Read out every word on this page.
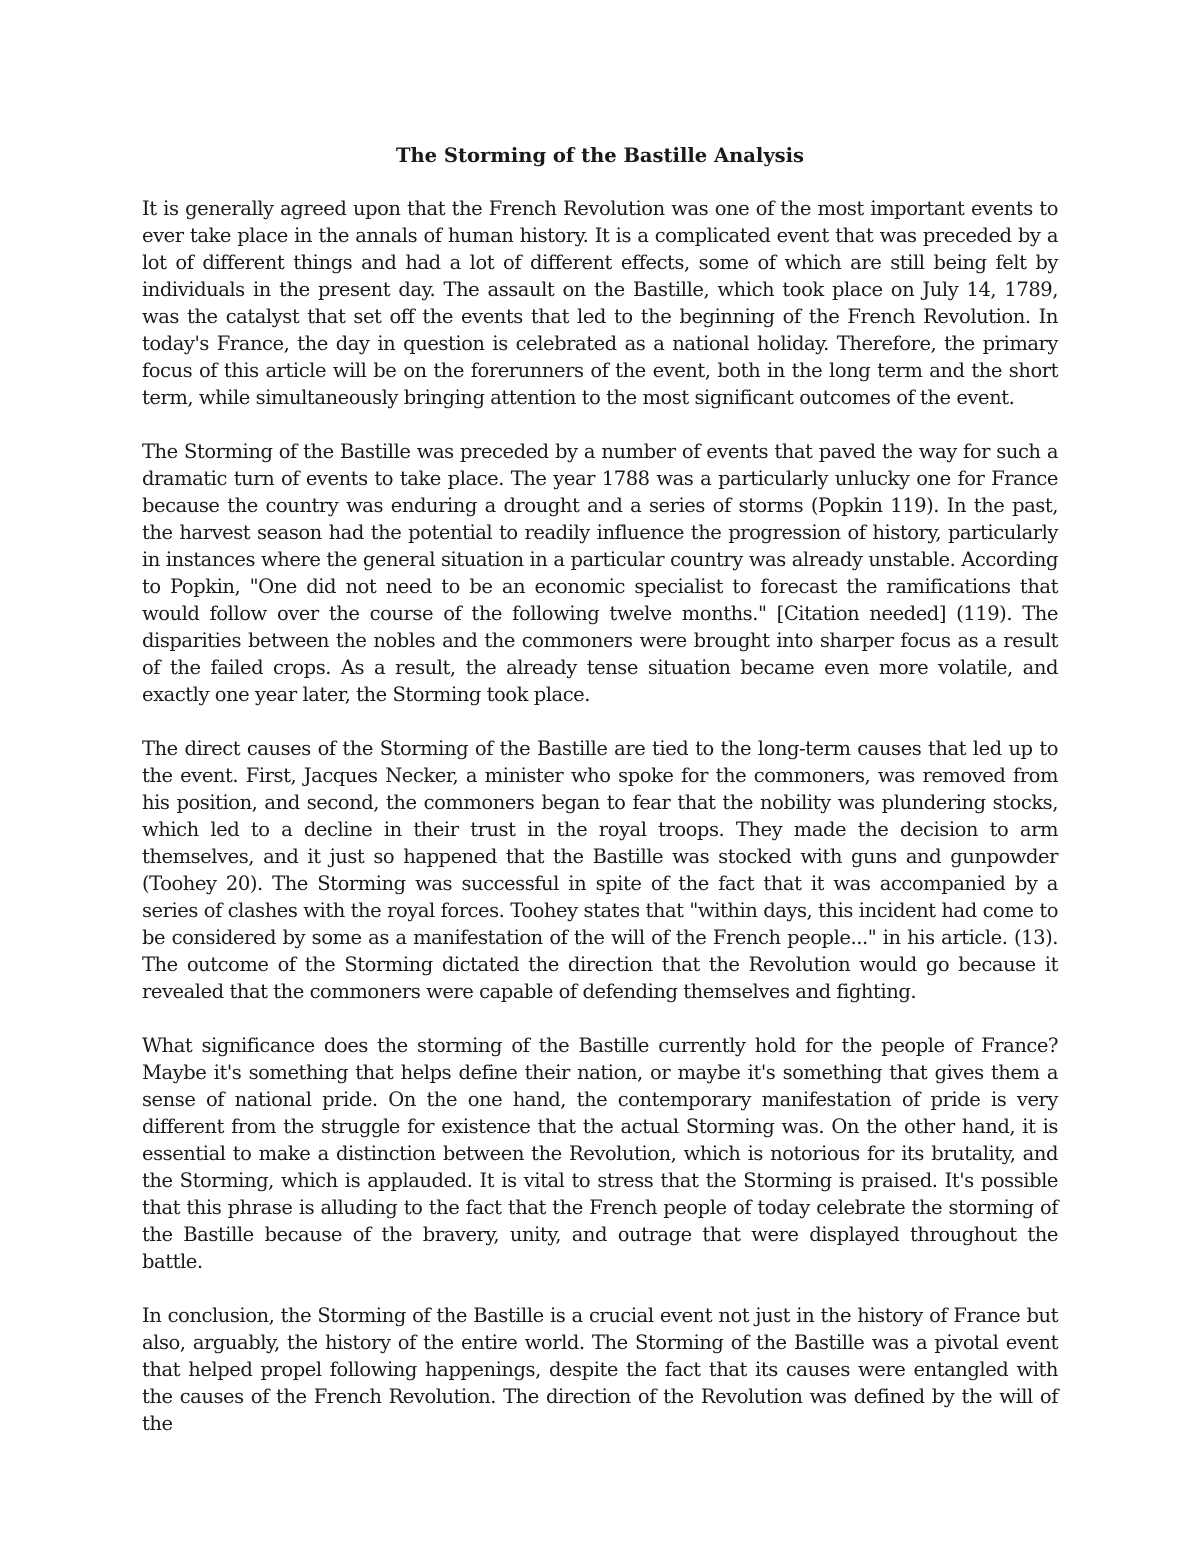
The Storming of the Bastille Analysis

It is generally agreed upon that the French Revolution was one of the most important events to ever take place in the annals of human history. It is a complicated event that was preceded by a lot of different things and had a lot of different effects, some of which are still being felt by individuals in the present day. The assault on the Bastille, which took place on July 14, 1789, was the catalyst that set off the events that led to the beginning of the French Revolution. In today's France, the day in question is celebrated as a national holiday. Therefore, the primary focus of this article will be on the forerunners of the event, both in the long term and the short term, while simultaneously bringing attention to the most significant outcomes of the event.

The Storming of the Bastille was preceded by a number of events that paved the way for such a dramatic turn of events to take place. The year 1788 was a particularly unlucky one for France because the country was enduring a drought and a series of storms (Popkin 119). In the past, the harvest season had the potential to readily influence the progression of history, particularly in instances where the general situation in a particular country was already unstable. According to Popkin, "One did not need to be an economic specialist to forecast the ramifications that would follow over the course of the following twelve months." [Citation needed] (119). The disparities between the nobles and the commoners were brought into sharper focus as a result of the failed crops. As a result, the already tense situation became even more volatile, and exactly one year later, the Storming took place.

The direct causes of the Storming of the Bastille are tied to the long-term causes that led up to the event. First, Jacques Necker, a minister who spoke for the commoners, was removed from his position, and second, the commoners began to fear that the nobility was plundering stocks, which led to a decline in their trust in the royal troops. They made the decision to arm themselves, and it just so happened that the Bastille was stocked with guns and gunpowder (Toohey 20). The Storming was successful in spite of the fact that it was accompanied by a series of clashes with the royal forces. Toohey states that "within days, this incident had come to be considered by some as a manifestation of the will of the French people..." in his article. (13). The outcome of the Storming dictated the direction that the Revolution would go because it revealed that the commoners were capable of defending themselves and fighting.

What significance does the storming of the Bastille currently hold for the people of France? Maybe it's something that helps define their nation, or maybe it's something that gives them a sense of national pride. On the one hand, the contemporary manifestation of pride is very different from the struggle for existence that the actual Storming was. On the other hand, it is essential to make a distinction between the Revolution, which is notorious for its brutality, and the Storming, which is applauded. It is vital to stress that the Storming is praised. It's possible that this phrase is alluding to the fact that the French people of today celebrate the storming of the Bastille because of the bravery, unity, and outrage that were displayed throughout the battle.

In conclusion, the Storming of the Bastille is a crucial event not just in the history of France but also, arguably, the history of the entire world. The Storming of the Bastille was a pivotal event that helped propel following happenings, despite the fact that its causes were entangled with the causes of the French Revolution. The direction of the Revolution was defined by the will of the
